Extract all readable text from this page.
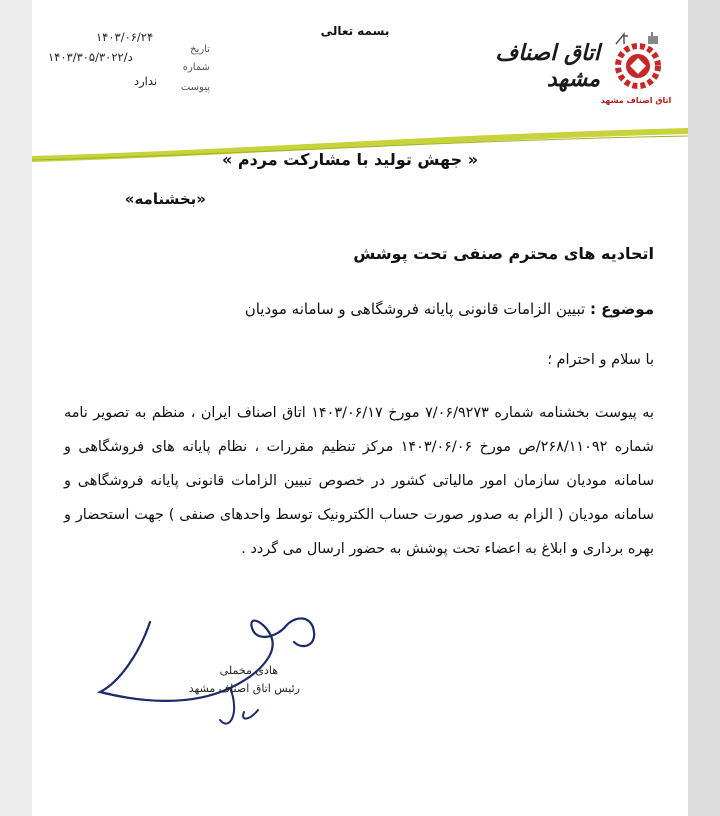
اتاق اصناف مشهد
اتاق اصناف مشهد
بسمه تعالی
۱۴۰۳/۰۶/۲۴
تاریخ
۱۴۰۳/۳۰۵/د/۳۰۲۲
شماره
ندارد	پیوست
« جهش تولید با مشارکت مردم »
«بخشنامه»
اتحادیه های محترم صنفی تحت پوشش
موضوع : تبیین الزامات قانونی پایانه فروشگاهی و سامانه مودیان
با سلام و احترام ؛
به پیوست بخشنامه شماره ۷/۰۶/۹۲۷۳ مورخ ۱۴۰۳/۰۶/۱۷ اتاق اصناف ایران ، منظم به تصویر نامه شماره ۲۶۸/۱۱۰۹۲/ص مورخ ۱۴۰۳/۰۶/۰۶ مرکز تنظیم مقررات ، نظام پایانه های فروشگاهی و سامانه مودیان سازمان امور مالیاتی کشور در خصوص تبیین الزامات قانونی پایانه فروشگاهی و سامانه مودیان ( الزام به صدور صورت حساب الکترونیک توسط واحدهای صنفی ) جهت استحضار و بهره برداری و ابلاغ به اعضاء تحت پوشش به حضور ارسال می گردد .
هادی مخملی
رئیس اتاق اصناف مشهد
